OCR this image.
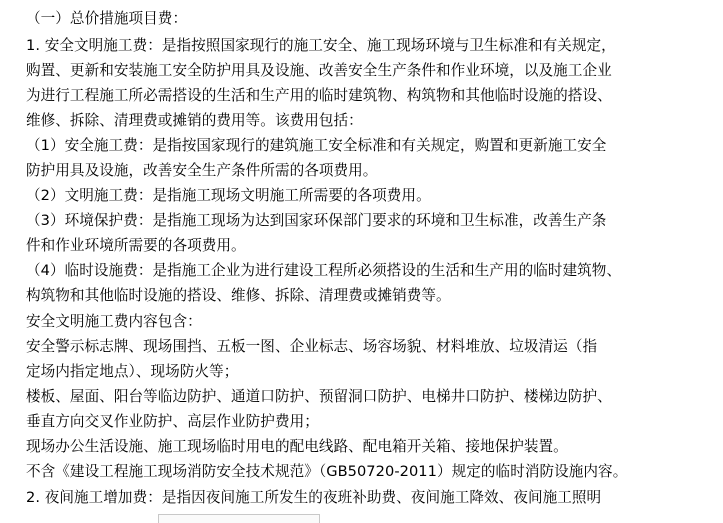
（一）总价措施项目费：
1. 安全文明施工费：是指按照国家现行的施工安全、施工现场环境与卫生标准和有关规定，
购置、更新和安装施工安全防护用具及设施、改善安全生产条件和作业环境，以及施工企业
为进行工程施工所必需搭设的生活和生产用的临时建筑物、构筑物和其他临时设施的搭设、
维修、拆除、清理费或摊销的费用等。该费用包括：
（1）安全施工费：是指按国家现行的建筑施工安全标准和有关规定，购置和更新施工安全
防护用具及设施，改善安全生产条件所需的各项费用。
（2）文明施工费：是指施工现场文明施工所需要的各项费用。
（3）环境保护费：是指施工现场为达到国家环保部门要求的环境和卫生标准，改善生产条
件和作业环境所需要的各项费用。
（4）临时设施费：是指施工企业为进行建设工程所必须搭设的生活和生产用的临时建筑物、
构筑物和其他临时设施的搭设、维修、拆除、清理费或摊销费等。
安全文明施工费内容包含：
安全警示标志牌、现场围挡、五板一图、企业标志、场容场貌、材料堆放、垃圾清运（指
定场内指定地点）、现场防火等；
楼板、屋面、阳台等临边防护、通道口防护、预留洞口防护、电梯井口防护、楼梯边防护、
垂直方向交叉作业防护、高层作业防护费用；
现场办公生活设施、施工现场临时用电的配电线路、配电箱开关箱、接地保护装置。
不含《建设工程施工现场消防安全技术规范》（GB50720-2011）规定的临时消防设施内容。
2. 夜间施工增加费：是指因夜间施工所发生的夜班补助费、夜间施工降效、夜间施工照明
